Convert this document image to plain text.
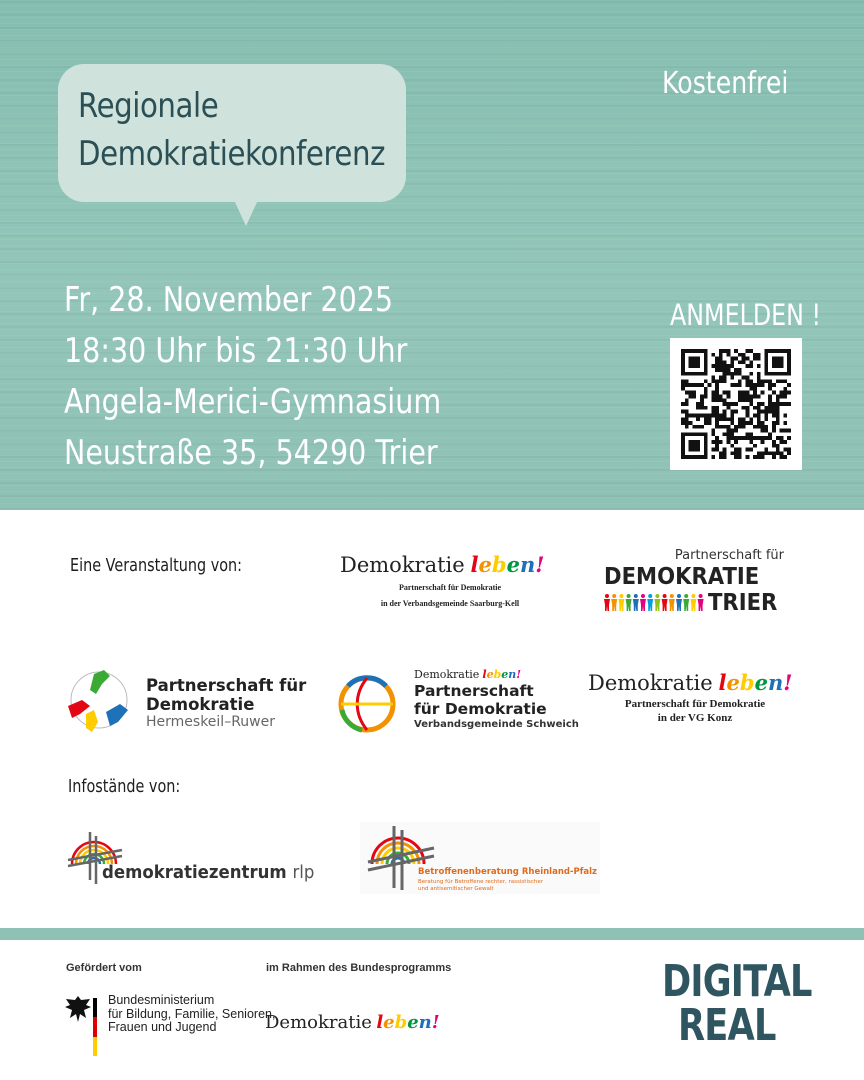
Regionale
Demokratiekonferenz
Kostenfrei
Fr, 28. November 2025
18:30 Uhr bis 21:30 Uhr
Angela-Merici-Gymnasium
Neustraße 35, 54290 Trier
ANMELDEN !
Eine Veranstaltung von:	Demokratie leben!
Partnerschaft für Demokratie
in der Verbandsgemeinde Saarburg-Kell
Partnerschaft für
DEMOKRATIE
TRIER
Partnerschaft für
Demokratie
Hermeskeil–Ruwer
Demokratie leben!
Partnerschaft
für Demokratie
Verbandsgemeinde Schweich
Demokratie leben!
Partnerschaft für Demokratie
in der VG Konz
Infostände von:
demokratiezentrum rlp	Betroffenenberatung Rheinland-Pfalz
Beratung für Betroffene rechter, rassistischer
und antisemitischer Gewalt
Gefördert vom	im Rahmen des Bundesprogramms
Bundesministerium
für Bildung, Familie, Senioren,
Frauen und Jugend	Demokratie leben!
DIGITAL
REAL
